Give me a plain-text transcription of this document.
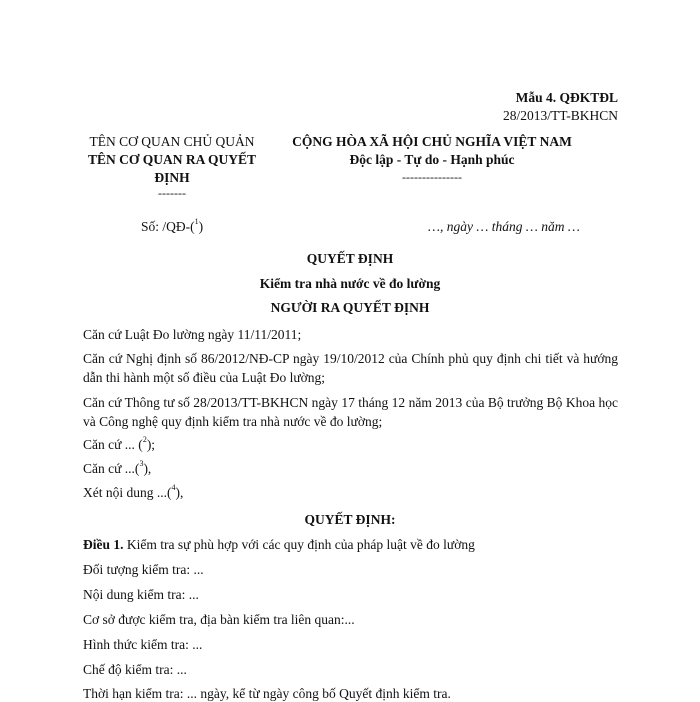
Mẫu 4. QĐKTĐL
28/2013/TT-BKHCN
TÊN CƠ QUAN CHỦ QUẢN
TÊN CƠ QUAN RA QUYẾT
ĐỊNH
-------
CỘNG HÒA XÃ HỘI CHỦ NGHĨA VIỆT NAM
Độc lập - Tự do - Hạnh phúc
---------------
Số: /QĐ-($^1$)	…, ngày … tháng … năm …
QUYẾT ĐỊNH
Kiểm tra nhà nước về đo lường
NGƯỜI RA QUYẾT ĐỊNH
Căn cứ Luật Đo lường ngày 11/11/2011;
Căn cứ Nghị định số 86/2012/NĐ-CP ngày 19/10/2012 của Chính phủ quy định chi tiết và hướng dẫn thi hành một số điều của Luật Đo lường;
Căn cứ Thông tư số 28/2013/TT-BKHCN ngày 17 tháng 12 năm 2013 của Bộ trưởng Bộ Khoa học và Công nghệ quy định kiểm tra nhà nước về đo lường;
Căn cứ ... ($^2$);
Căn cứ ...($^3$),
Xét nội dung ...($^4$),
QUYẾT ĐỊNH:
Điều 1. Kiểm tra sự phù hợp với các quy định của pháp luật về đo lường
Đối tượng kiểm tra: ...
Nội dung kiểm tra: ...
Cơ sở được kiểm tra, địa bàn kiểm tra liên quan:...
Hình thức kiểm tra: ...
Chế độ kiểm tra: ...
Thời hạn kiểm tra: ... ngày, kể từ ngày công bố Quyết định kiểm tra.
